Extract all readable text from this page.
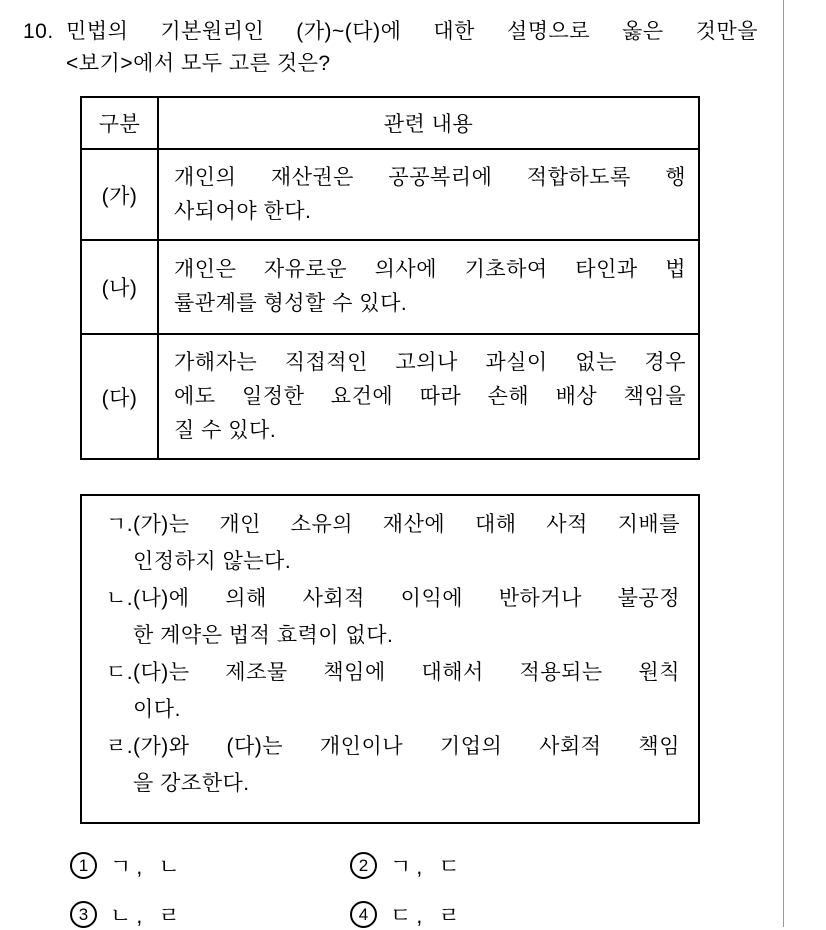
10. 민법의 기본원리인 (가)~(다)에 대한 설명으로 옳은 것만을
<보기>에서 모두 고른 것은?
구분	관련 내용
(가)	개인의 재산권은 공공복리에 적합하도록 행
사되어야 한다.

(나)	개인은 자유로운 의사에 기초하여 타인과 법
률관계를 형성할 수 있다.

(다)	가해자는 직접적인 고의나 과실이 없는 경우
에도 일정한 요건에 따라 손해 배상 책임을
질 수 있다.
ㄱ. (가)는 개인 소유의 재산에 대해 사적 지배를
인정하지 않는다.
ㄴ. (나)에 의해 사회적 이익에 반하거나 불공정
한 계약은 법적 효력이 없다.
ㄷ. (다)는 제조물 책임에 대해서 적용되는 원칙
이다.
ㄹ. (가)와 (다)는 개인이나 기업의 사회적 책임
을 강조한다.
1 ㄱ, ㄴ	2 ㄱ, ㄷ
3 ㄴ, ㄹ	4 ㄷ, ㄹ
